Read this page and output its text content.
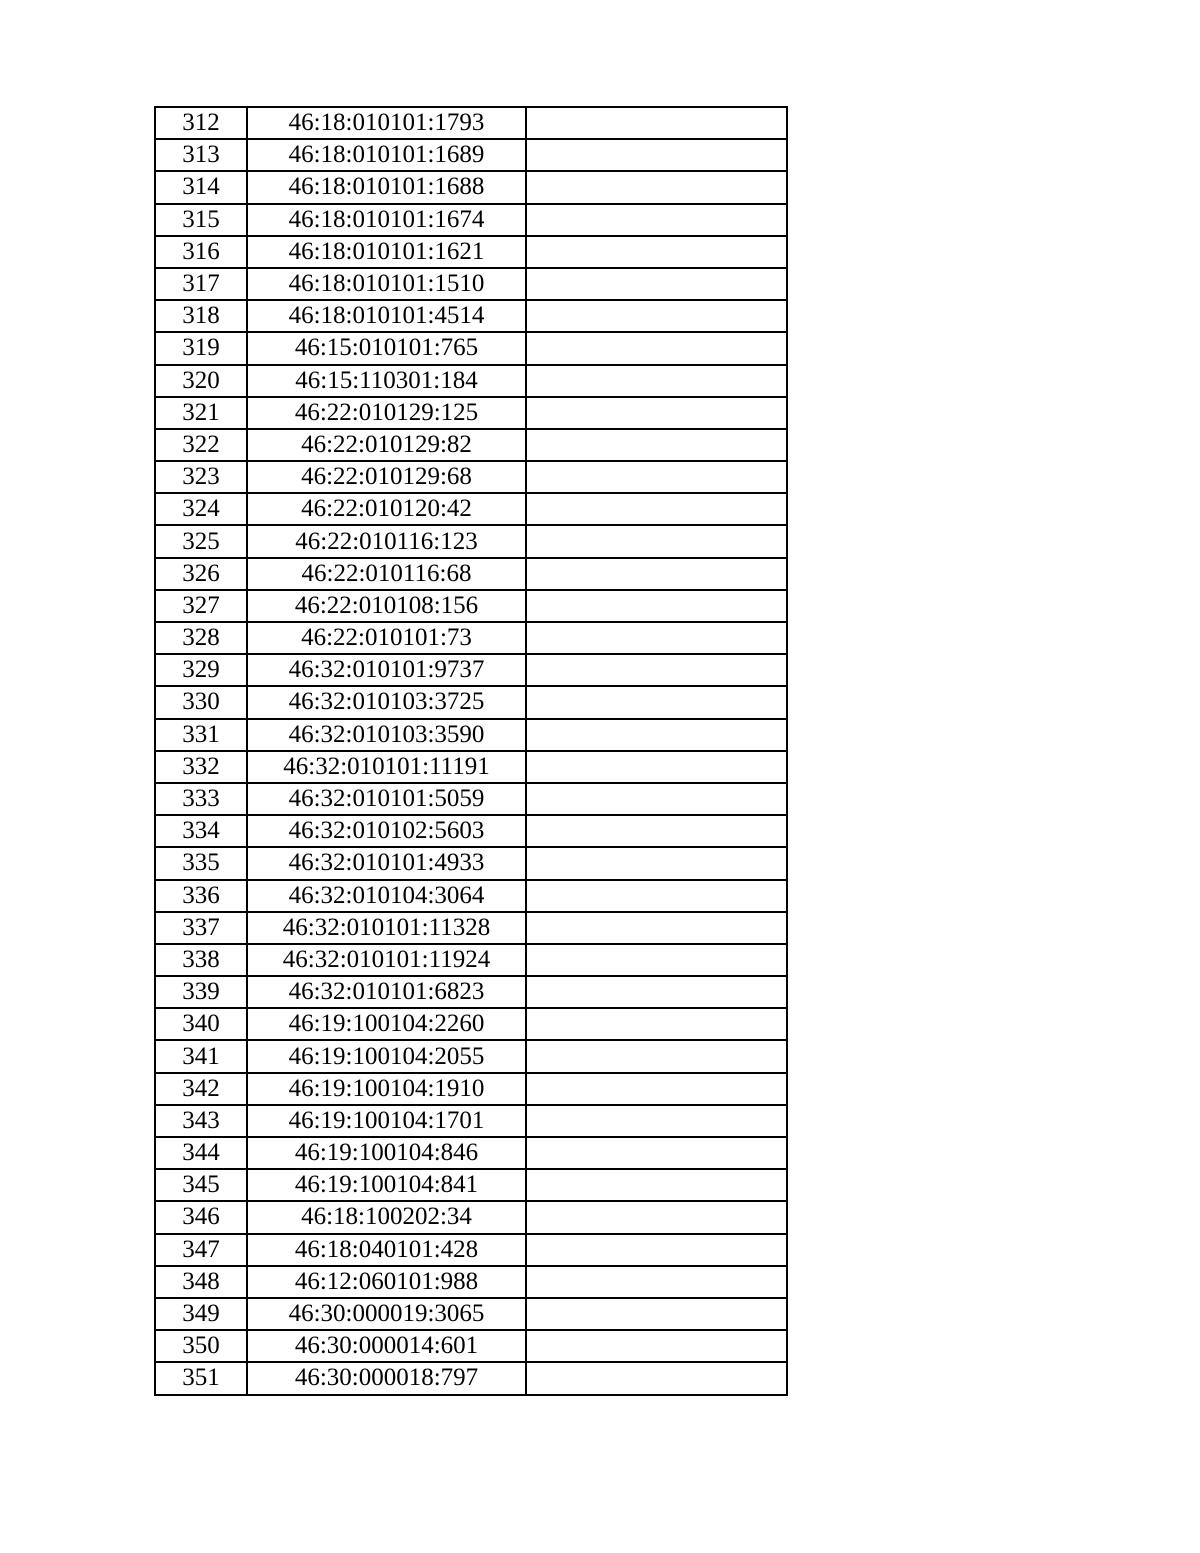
312	46:18:010101:1793	
313	46:18:010101:1689	
314	46:18:010101:1688	
315	46:18:010101:1674	
316	46:18:010101:1621	
317	46:18:010101:1510	
318	46:18:010101:4514	
319	46:15:010101:765	
320	46:15:110301:184	
321	46:22:010129:125	
322	46:22:010129:82	
323	46:22:010129:68	
324	46:22:010120:42	
325	46:22:010116:123	
326	46:22:010116:68	
327	46:22:010108:156	
328	46:22:010101:73	
329	46:32:010101:9737	
330	46:32:010103:3725	
331	46:32:010103:3590	
332	46:32:010101:11191	
333	46:32:010101:5059	
334	46:32:010102:5603	
335	46:32:010101:4933	
336	46:32:010104:3064	
337	46:32:010101:11328	
338	46:32:010101:11924	
339	46:32:010101:6823	
340	46:19:100104:2260	
341	46:19:100104:2055	
342	46:19:100104:1910	
343	46:19:100104:1701	
344	46:19:100104:846	
345	46:19:100104:841	
346	46:18:100202:34	
347	46:18:040101:428	
348	46:12:060101:988	
349	46:30:000019:3065	
350	46:30:000014:601	
351	46:30:000018:797	
